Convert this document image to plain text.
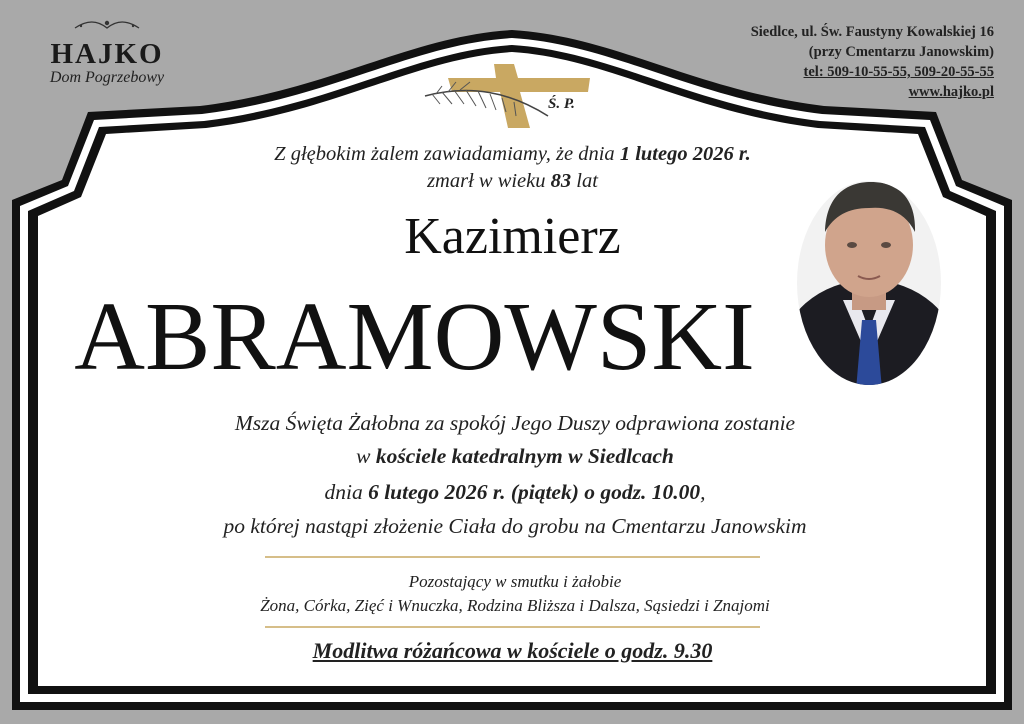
HAJKO
Dom Pogrzebowy
Siedlce, ul. Św. Faustyny Kowalskiej 16
(przy Cmentarzu Janowskim)
tel: 509-10-55-55, 509-20-55-55
www.hajko.pl
Ś. P.
Z głębokim żalem zawiadamiamy, że dnia 1 lutego 2026 r.
zmarł w wieku 83 lat
Kazimierz
ABRAMOWSKI
Msza Święta Żałobna za spokój Jego Duszy odprawiona zostanie
w kościele katedralnym w Siedlcach
dnia 6 lutego 2026 r. (piątek) o godz. 10.00,
po której nastąpi złożenie Ciała do grobu na Cmentarzu Janowskim
Pozostający w smutku i żałobie
Żona, Córka, Zięć i Wnuczka, Rodzina Bliższa i Dalsza, Sąsiedzi i Znajomi
Modlitwa różańcowa w kościele o godz. 9.30
